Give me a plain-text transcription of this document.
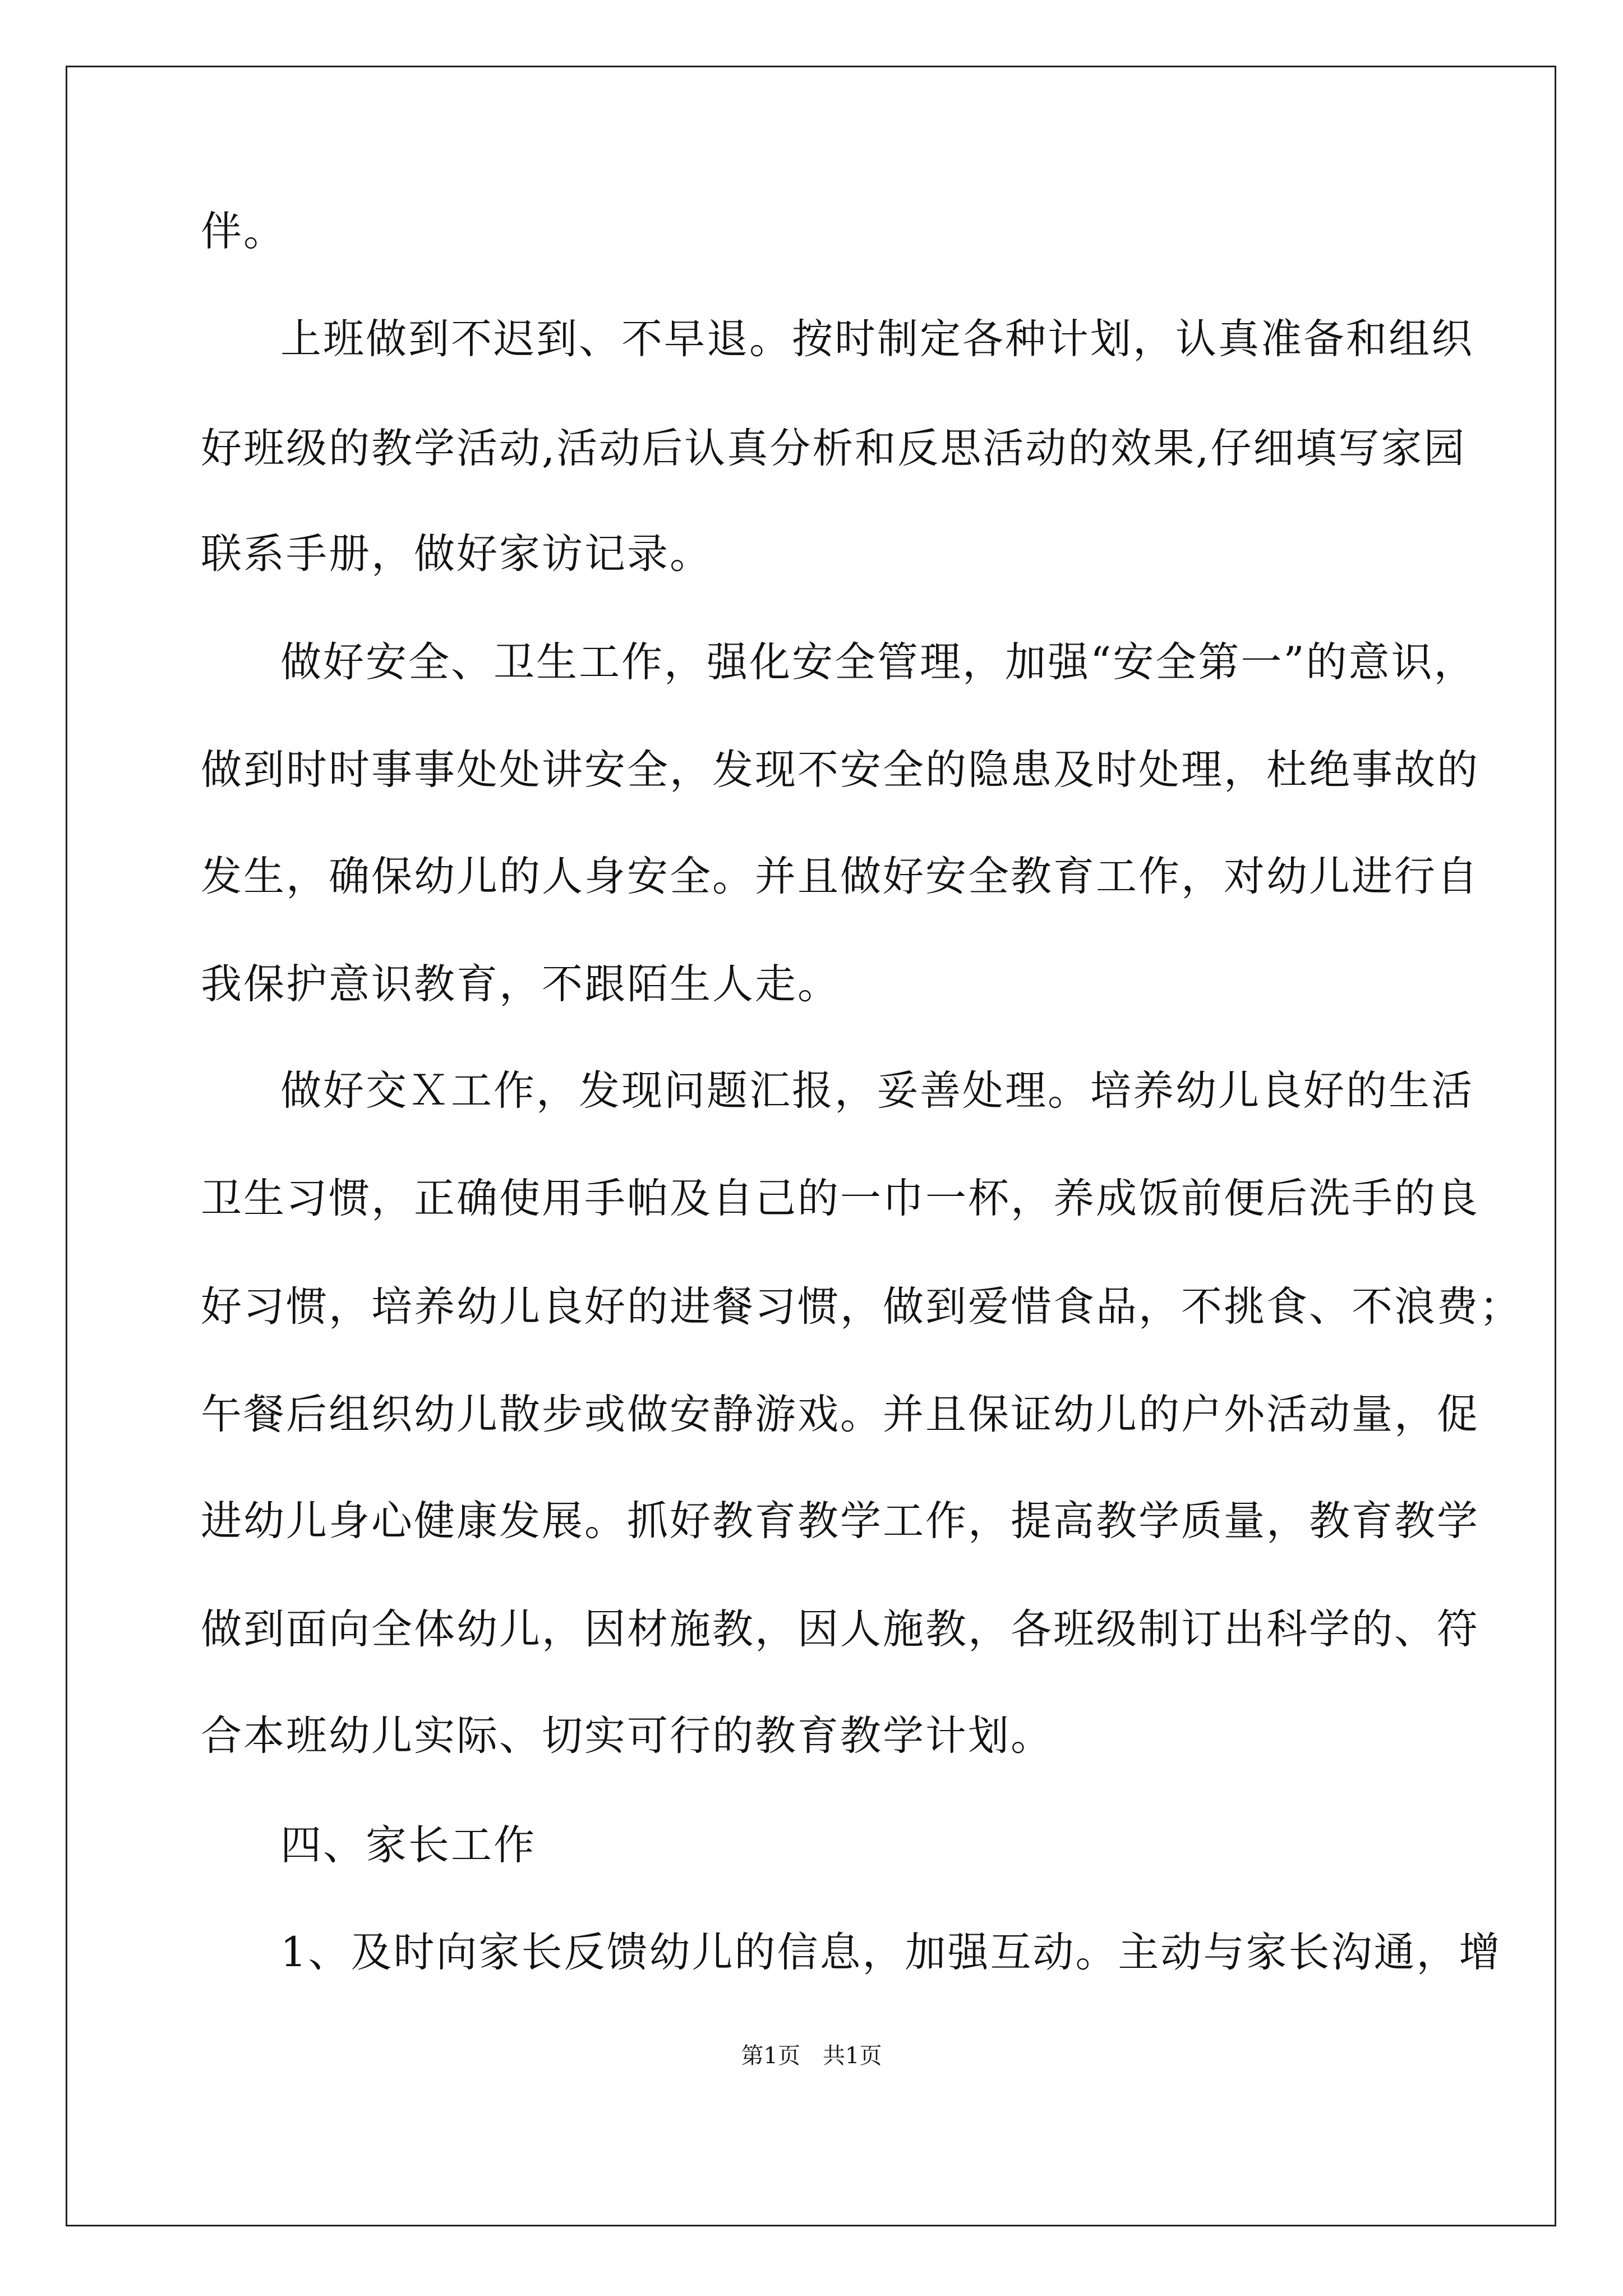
伴。
上班做到不迟到、不早退。按时制定各种计划，认真准备和组织
好班级的教学活动,活动后认真分析和反思活动的效果,仔细填写家园
联系手册，做好家访记录。
做好安全、卫生工作，强化安全管理，加强“安全第一”的意识，
做到时时事事处处讲安全，发现不安全的隐患及时处理，杜绝事故的
发生，确保幼儿的人身安全。并且做好安全教育工作，对幼儿进行自
我保护意识教育，不跟陌生人走。
做好交Ｘ工作，发现问题汇报，妥善处理。培养幼儿良好的生活
卫生习惯，正确使用手帕及自己的一巾一杯，养成饭前便后洗手的良
好习惯，培养幼儿良好的进餐习惯，做到爱惜食品，不挑食、不浪费；
午餐后组织幼儿散步或做安静游戏。并且保证幼儿的户外活动量，促
进幼儿身心健康发展。抓好教育教学工作，提高教学质量，教育教学
做到面向全体幼儿，因材施教，因人施教，各班级制订出科学的、符
合本班幼儿实际、切实可行的教育教学计划。
四、家长工作
1、及时向家长反馈幼儿的信息，加强互动。主动与家长沟通，增
第1页　共1页
